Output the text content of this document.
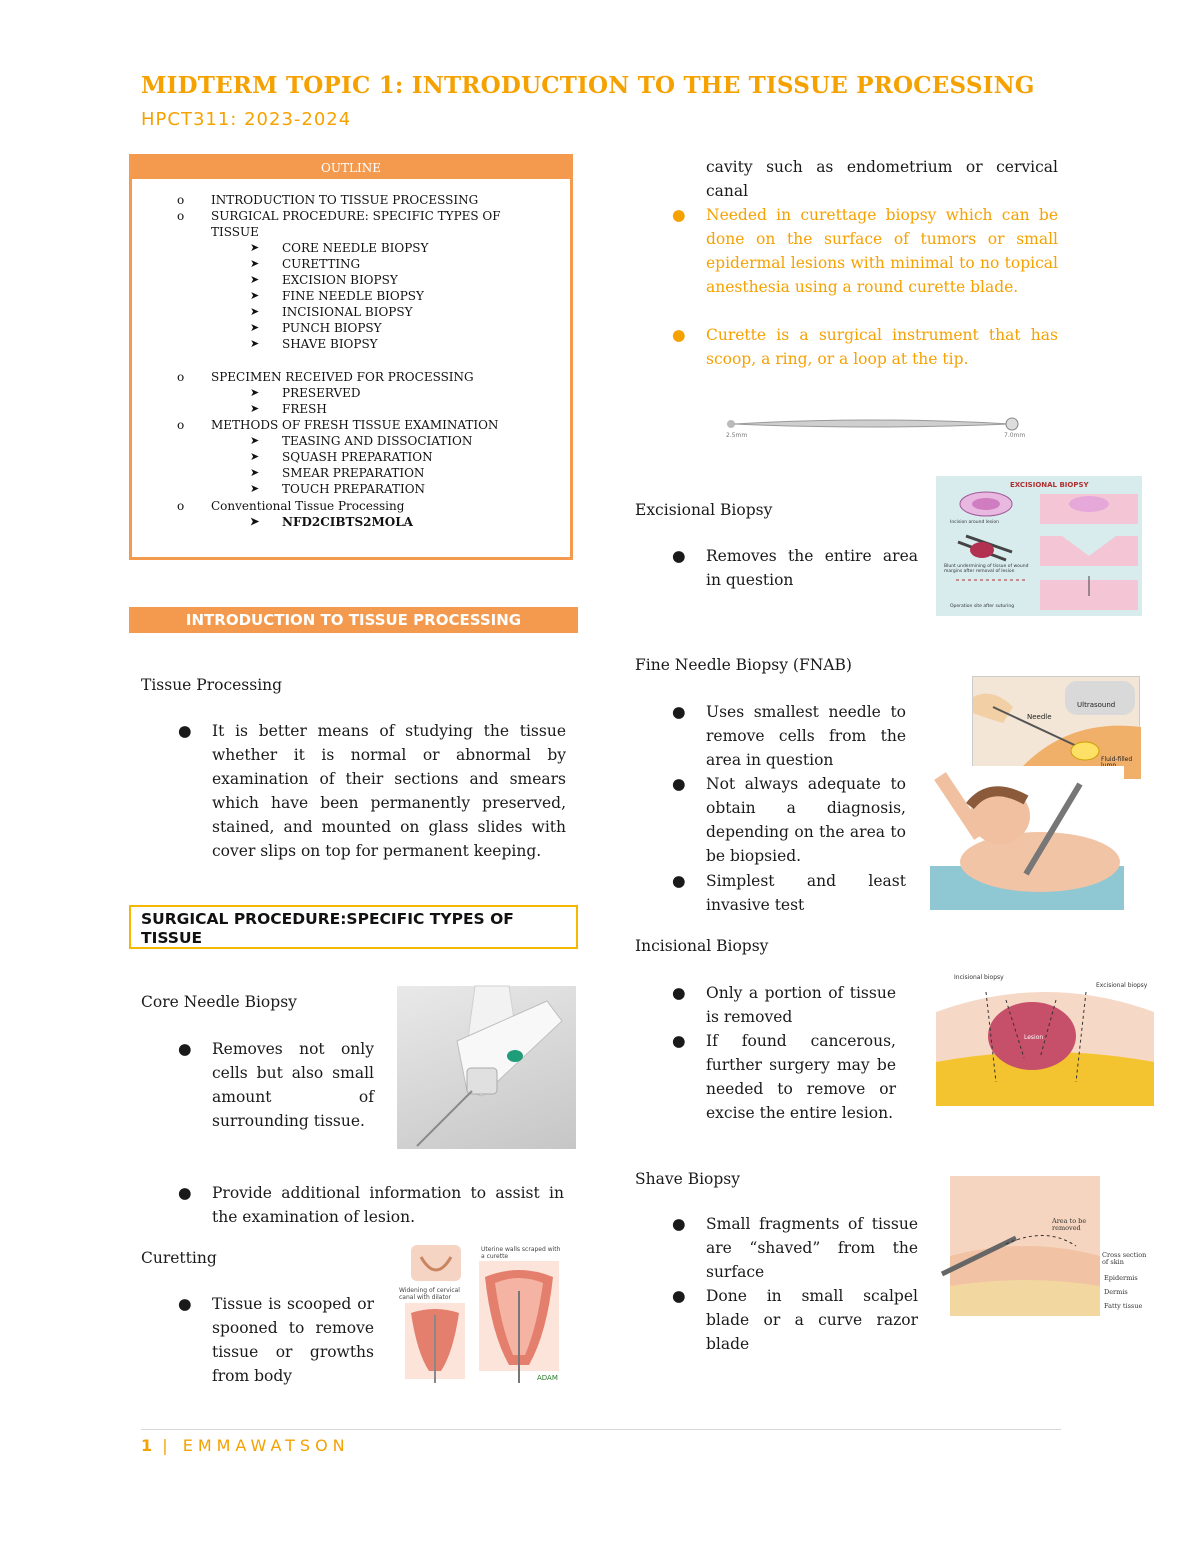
MIDTERM TOPIC 1: INTRODUCTION TO THE TISSUE PROCESSING
HPCT311: 2023-2024
OUTLINE
o INTRODUCTION TO TISSUE PROCESSING
o SURGICAL PROCEDURE: SPECIFIC TYPES OF
TISSUE
➤ CORE NEEDLE BIOPSY
➤ CURETTING
➤ EXCISION BIOPSY
➤ FINE NEEDLE BIOPSY
➤ INCISIONAL BIOPSY
➤ PUNCH BIOPSY
➤ SHAVE BIOPSY
o SPECIMEN RECEIVED FOR PROCESSING
➤ PRESERVED
➤ FRESH
o METHODS OF FRESH TISSUE EXAMINATION
➤ TEASING AND DISSOCIATION
➤ SQUASH PREPARATION
➤ SMEAR PREPARATION
➤ TOUCH PREPARATION
o Conventional Tissue Processing
➤ NFD2CIBTS2MOLA
INTRODUCTION TO TISSUE PROCESSING
Tissue Processing
● It is better means of studying the tissue whether it is normal or abnormal by examination of their sections and smears which have been permanently preserved, stained, and mounted on glass slides with cover slips on top for permanent keeping.
SURGICAL PROCEDURE:SPECIFIC TYPES OF TISSUE
Core Needle Biopsy
● Removes not only cells but also small amount of surrounding tissue.
● Provide additional information to assist in the examination of lesion.
Curetting
● Tissue is scooped or spooned to remove tissue or growths from body
Widening of cervical canal with dilator
Uterine walls scraped with a curette
ADAM
cavity such as endometrium or cervical canal
● Needed in curettage biopsy which can be done on the surface of tumors or small epidermal lesions with minimal to no topical anesthesia using a round curette blade.
● Curette is a surgical instrument that has scoop, a ring, or a loop at the tip.
2.5mm	7.0mm
Excisional Biopsy
● Removes the entire area in question
EXCISIONAL BIOPSY
Incision around lesion
Blunt undermining of tissue of wound margins after removal of lesion
Operation site after suturing
Fine Needle Biopsy (FNAB)
● Uses smallest needle to remove cells from the area in question
● Not always adequate to obtain a diagnosis, depending on the area to be biopsied.
● Simplest and least invasive test
Needle
Ultrasound
Fluid-filled
Incisional Biopsy
● Only a portion of tissue is removed
● If found cancerous, further surgery may be needed to remove or excise the entire lesion.
Incisional biopsy
Excisional biopsy
Lesion
Shave Biopsy
● Small fragments of tissue are “shaved” from the surface
● Done in small scalpel blade or a curve razor blade
Area to be removed
Cross section of skin
Epidermis
Dermis
Fatty tissue
1 | EMMAWATSON
